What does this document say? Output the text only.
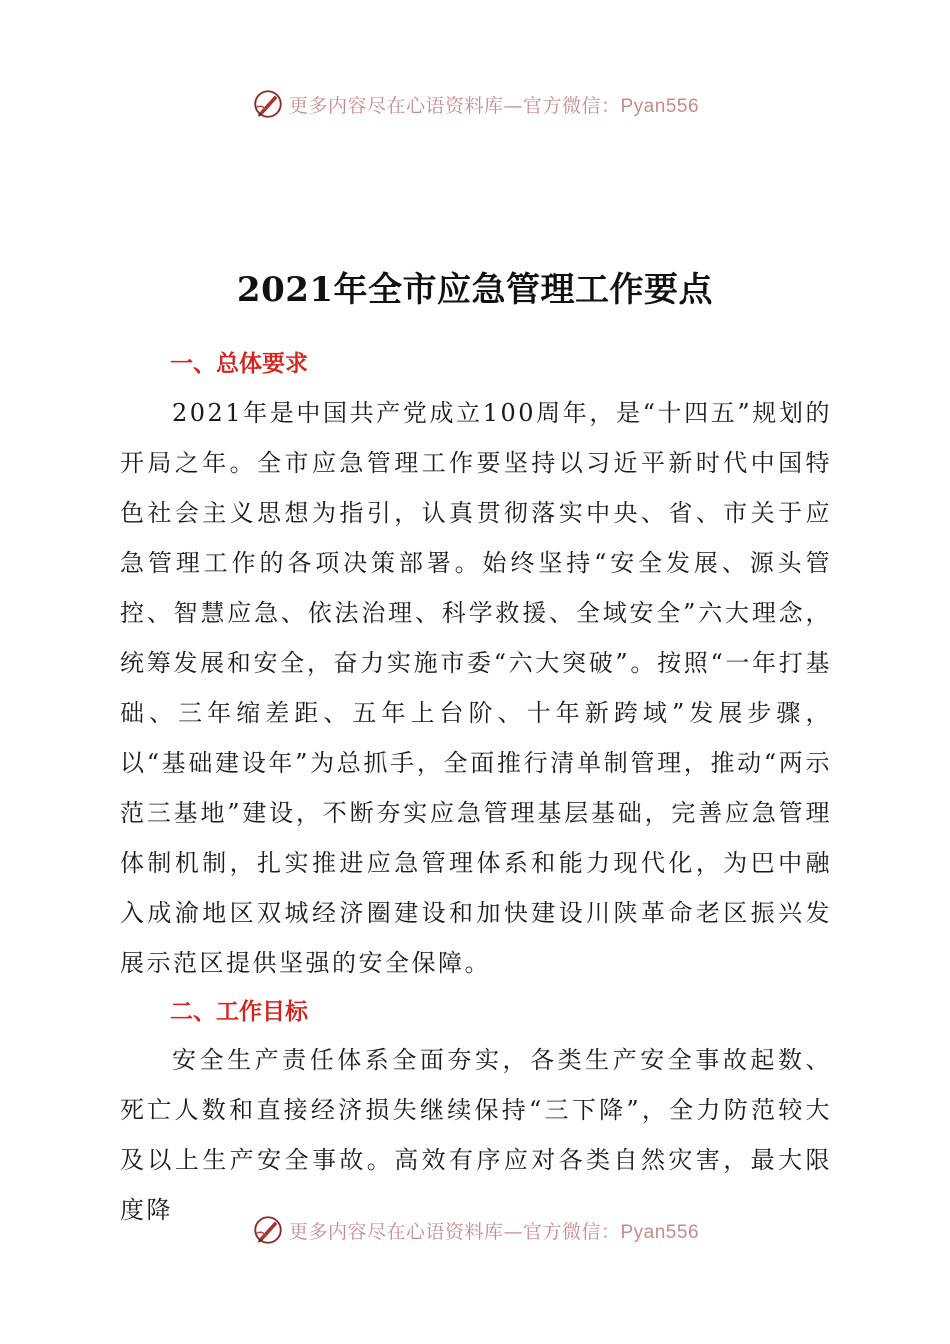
更多内容尽在心语资料库—官方微信：Pyan556
2021年全市应急管理工作要点
一、总体要求

2021年是中国共产党成立100周年，是“十四五”规划的开局之年。全市应急管理工作要坚持以习近平新时代中国特色社会主义思想为指引，认真贯彻落实中央、省、市关于应急管理工作的各项决策部署。始终坚持“安全发展、源头管控、智慧应急、依法治理、科学救援、全域安全”六大理念，统筹发展和安全，奋力实施市委“六大突破”。按照“一年打基础、三年缩差距、五年上台阶、十年新跨域”发展步骤，以“基础建设年”为总抓手，全面推行清单制管理，推动“两示范三基地”建设，不断夯实应急管理基层基础，完善应急管理体制机制，扎实推进应急管理体系和能力现代化，为巴中融入成渝地区双城经济圈建设和加快建设川陕革命老区振兴发展示范区提供坚强的安全保障。

二、工作目标

安全生产责任体系全面夯实，各类生产安全事故起数、死亡人数和直接经济损失继续保持“三下降”，全力防范较大及以上生产安全事故。高效有序应对各类自然灾害，最大限度降

更多内容尽在心语资料库—官方微信：Pyan556
